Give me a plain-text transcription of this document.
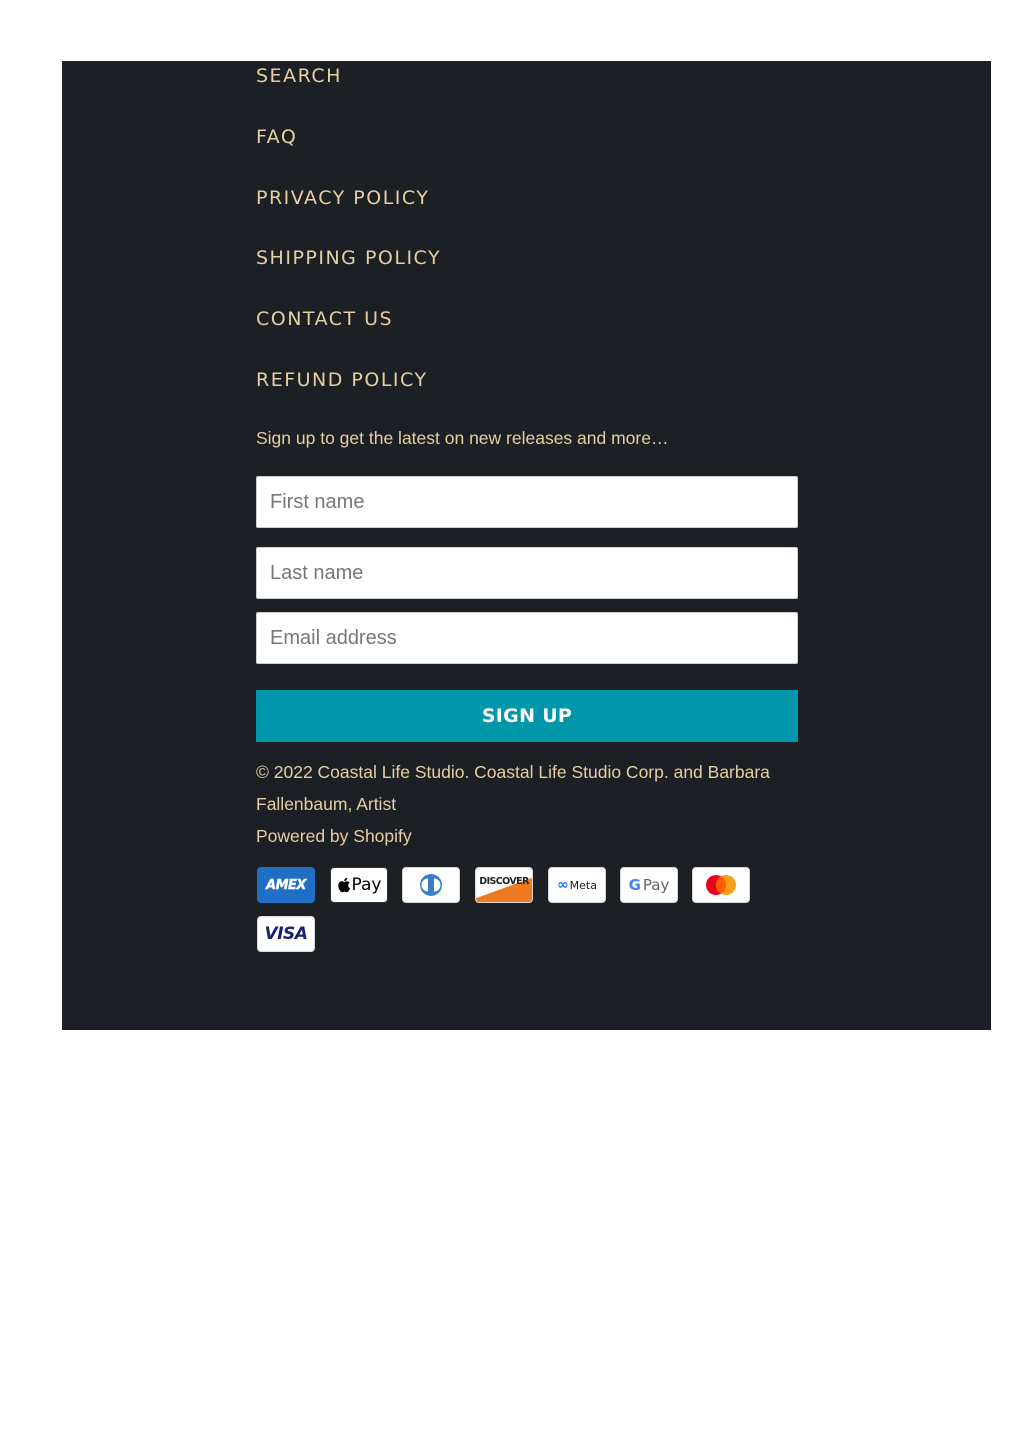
SEARCH
FAQ
PRIVACY POLICY
SHIPPING POLICY
CONTACT US
REFUND POLICY
Sign up to get the latest on new releases and more…
First name
Last name
Email address
SIGN UP
© 2022 Coastal Life Studio. Coastal Life Studio Corp. and Barbara Fallenbaum, Artist
Powered by Shopify
AMEX	Pay	DISCOVER ∞ Meta G Pay
VISA
